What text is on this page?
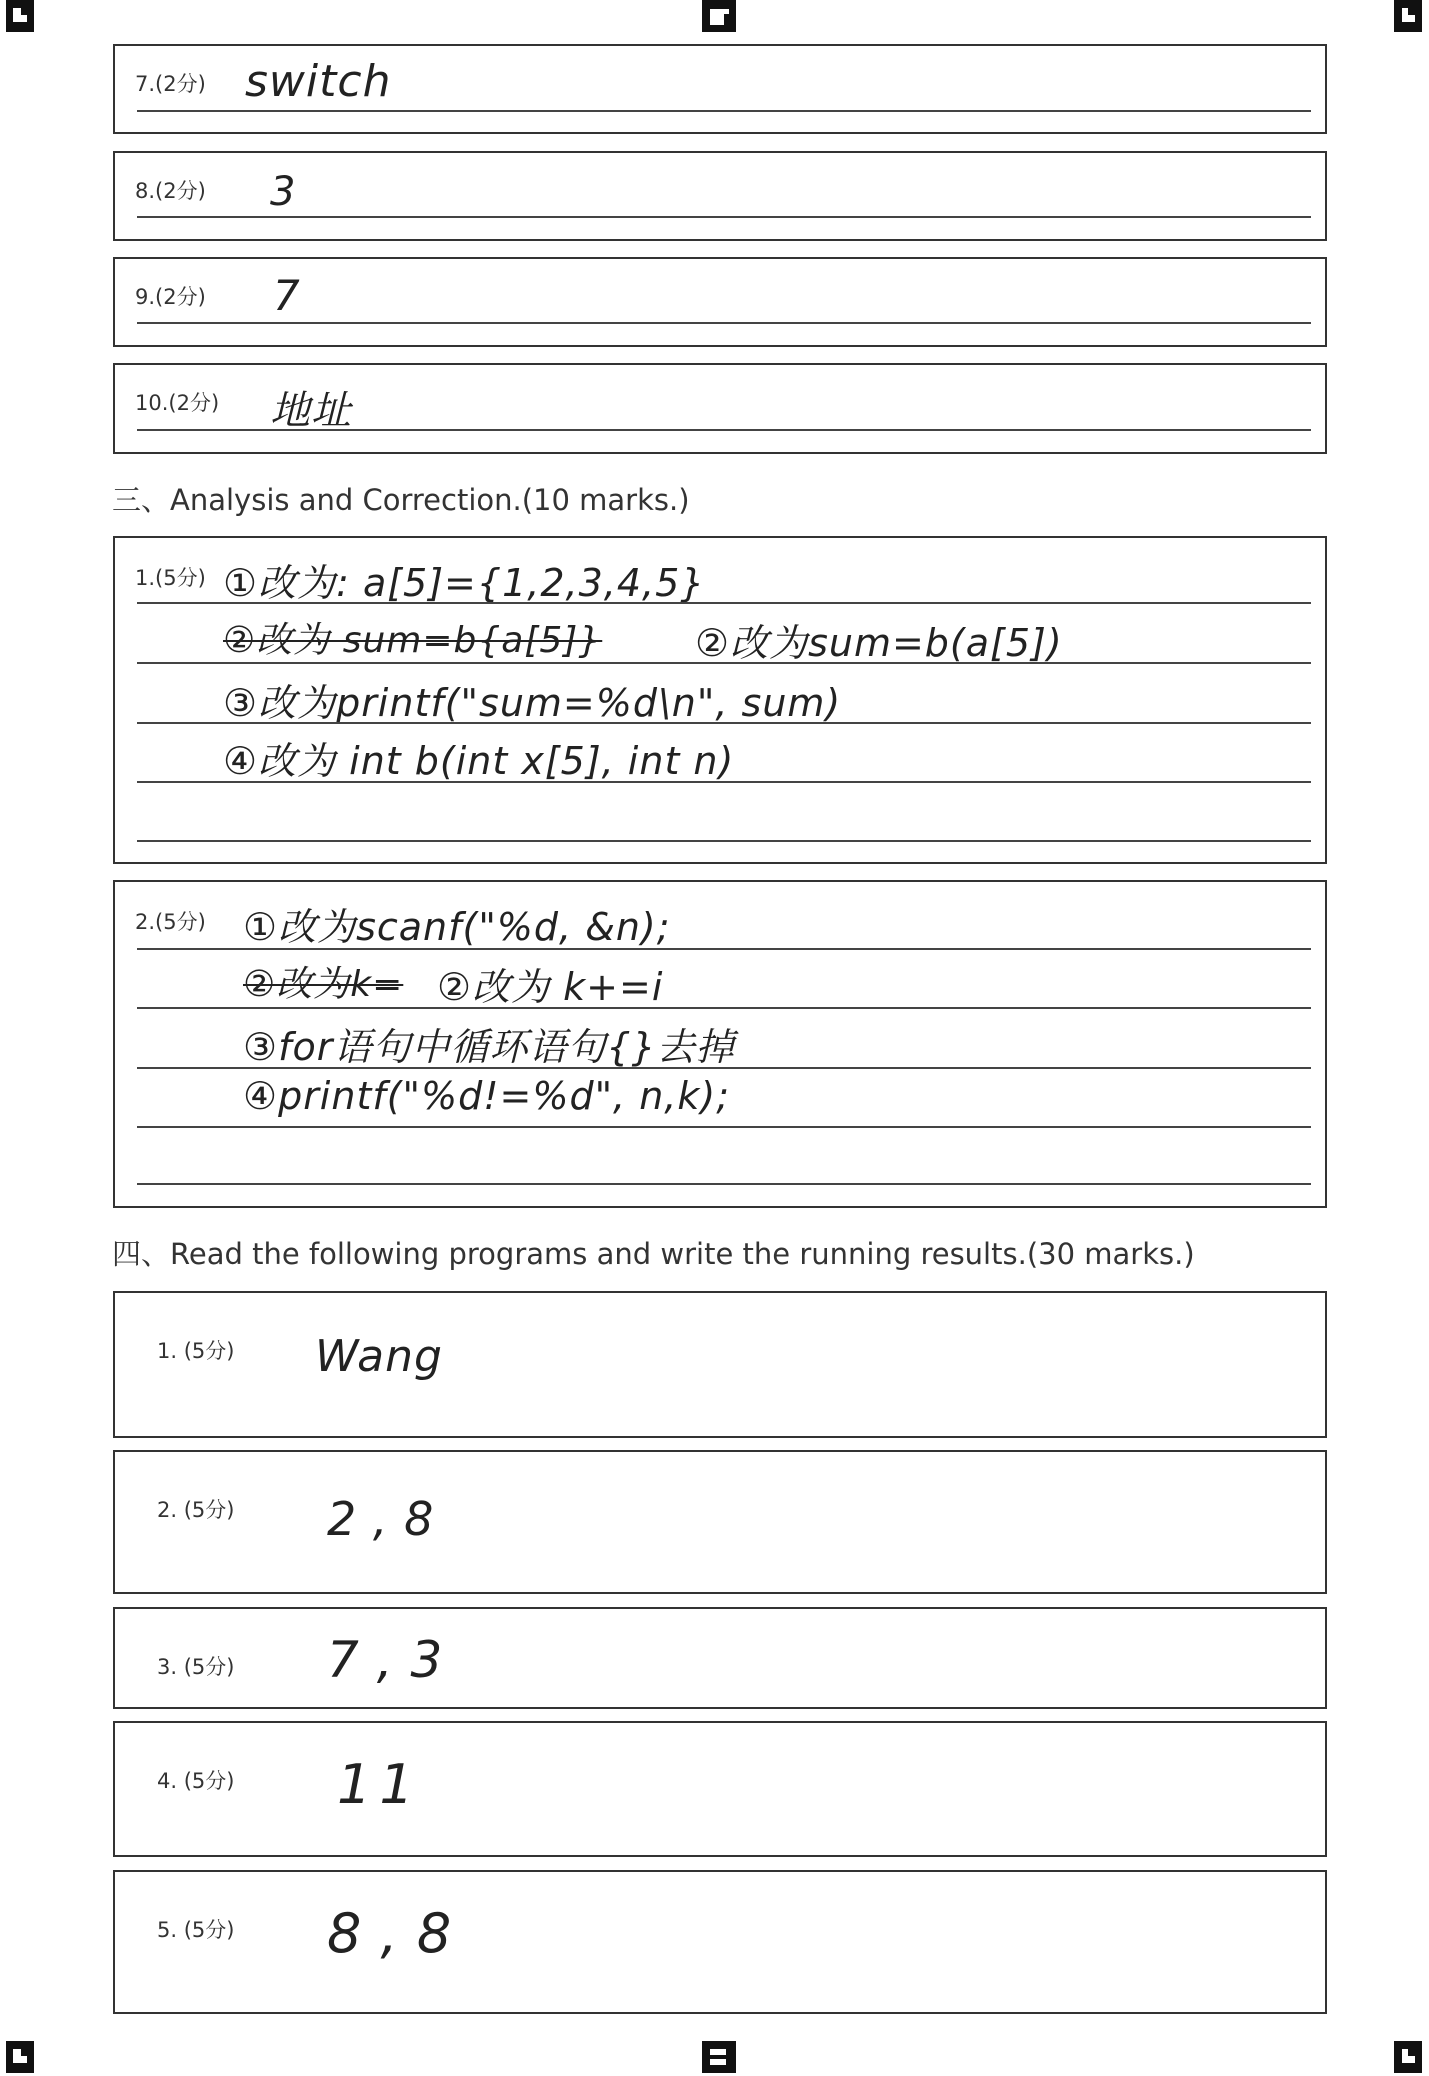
7.(2分) switch
8.(2分) 3
9.(2分) 7
10.(2分) 地址
三、Analysis and Correction.(10 marks.)
1.(5分) ①改为: a[5]={1,2,3,4,5}
②改为 sum=b{a[5]} ②改为sum=b(a[5])
③改为printf("sum=%d\n", sum)
④改为 int b(int x[5], int n)
2.(5分) ①改为scanf("%d, &n);
②改为k= ②改为 k+=i
③for语句中循环语句{}去掉
④printf("%d!=%d", n,k);
四、Read the following programs and write the running results.(30 marks.)
1. (5分) Wang
2. (5分) 2 , 8
3. (5分) 7 , 3
4. (5分) 11
5. (5分) 8 , 8
